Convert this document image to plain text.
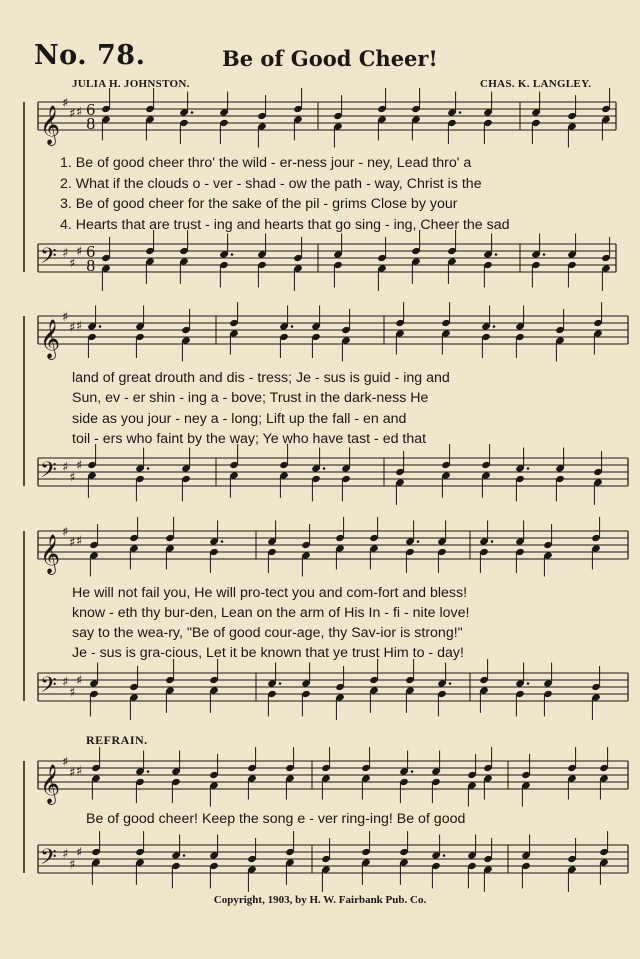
No. 78.	Be of Good Cheer!
JULIA H. JOHNSTON.	CHAS. K. LANGLEY.
𝄞
♯
♯ ♯ 6
8
𝄢 ♯
♯
♯ 6
8
𝄞
♯
♯ ♯
𝄢 ♯
♯
♯
𝄞
♯
♯ ♯
𝄢 ♯
♯
♯
𝄞
♯
♯ ♯
𝄢 ♯
♯
♯
1. Be of good cheer thro' the wild - er-ness jour - ney, Lead thro' a
2. What if the clouds o - ver - shad - ow the path - way, Christ is the
3. Be of good cheer for the sake of the pil - grims Close by your
4. Hearts that are trust - ing and hearts that go sing - ing, Cheer the sad
land of great drouth and dis - tress; Je - sus is guid - ing and
Sun, ev - er shin - ing a - bove; Trust in the dark-ness He
side as you jour - ney a - long; Lift up the fall - en and
toil - ers who faint by the way; Ye who have tast - ed that
He will not fail you, He will pro-tect you and com-fort and bless!
know - eth thy bur-den, Lean on the arm of His In - fi - nite love!
say to the wea-ry, "Be of good cour-age, thy Sav-ior is strong!"
Je - sus is gra-cious, Let it be known that ye trust Him to - day!
REFRAIN.
Be of good cheer! Keep the song e - ver ring-ing! Be of good
Copyright, 1903, by H. W. Fairbank Pub. Co.
